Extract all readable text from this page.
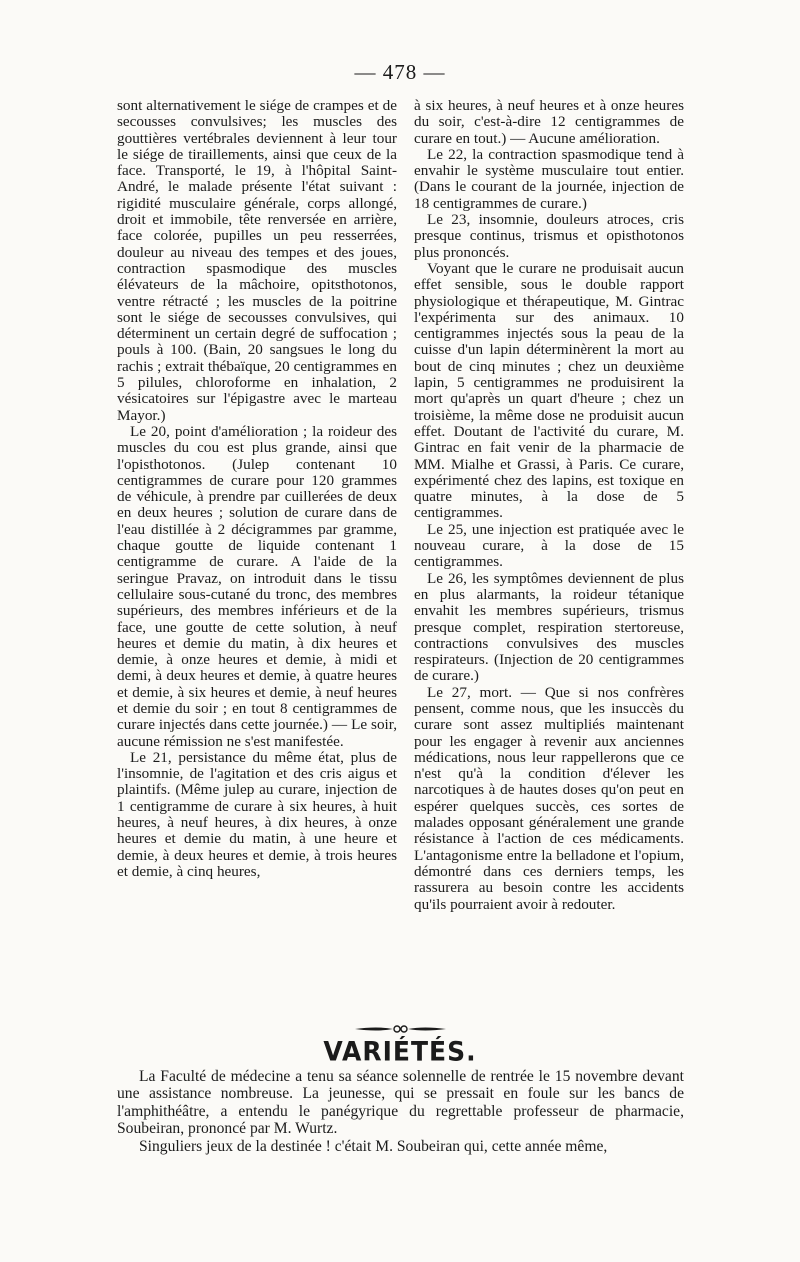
— 478 —

sont alternativement le siége de crampes et de secousses convulsives; les muscles des gouttières vertébrales deviennent à leur tour le siége de tiraillements, ainsi que ceux de la face. Transporté, le 19, à l'hôpital Saint-André, le malade présente l'état suivant : rigidité musculaire générale, corps allongé, droit et immobile, tête renversée en arrière, face colorée, pupilles un peu resserrées, douleur au niveau des tempes et des joues, contraction spasmodique des muscles élévateurs de la mâchoire, opitsthotonos, ventre rétracté ; les muscles de la poitrine sont le siége de secousses convulsives, qui déterminent un certain degré de suffocation ; pouls à 100. (Bain, 20 sangsues le long du rachis ; extrait thébaïque, 20 centigrammes en 5 pilules, chloroforme en inhalation, 2 vésicatoires sur l'épigastre avec le marteau Mayor.)

Le 20, point d'amélioration ; la roideur des muscles du cou est plus grande, ainsi que l'opisthotonos. (Julep contenant 10 centigrammes de curare pour 120 grammes de véhicule, à prendre par cuillerées de deux en deux heures ; solution de curare dans de l'eau distillée à 2 décigrammes par gramme, chaque goutte de liquide contenant 1 centigramme de curare. A l'aide de la seringue Pravaz, on introduit dans le tissu cellulaire sous-cutané du tronc, des membres supérieurs, des membres inférieurs et de la face, une goutte de cette solution, à neuf heures et demie du matin, à dix heures et demie, à onze heures et demie, à midi et demi, à deux heures et demie, à quatre heures et demie, à six heures et demie, à neuf heures et demie du soir ; en tout 8 centigrammes de curare injectés dans cette journée.) — Le soir, aucune rémission ne s'est manifestée.

Le 21, persistance du même état, plus de l'insomnie, de l'agitation et des cris aigus et plaintifs. (Même julep au curare, injection de 1 centigramme de curare à six heures, à huit heures, à neuf heures, à dix heures, à onze heures et demie du matin, à une heure et demie, à deux heures et demie, à trois heures et demie, à cinq heures,

à six heures, à neuf heures et à onze heures du soir, c'est-à-dire 12 centigrammes de curare en tout.) — Aucune amélioration.

Le 22, la contraction spasmodique tend à envahir le système musculaire tout entier. (Dans le courant de la journée, injection de 18 centigrammes de curare.)

Le 23, insomnie, douleurs atroces, cris presque continus, trismus et opisthotonos plus prononcés.

Voyant que le curare ne produisait aucun effet sensible, sous le double rapport physiologique et thérapeutique, M. Gintrac l'expérimenta sur des animaux. 10 centigrammes injectés sous la peau de la cuisse d'un lapin déterminèrent la mort au bout de cinq minutes ; chez un deuxième lapin, 5 centigrammes ne produisirent la mort qu'après un quart d'heure ; chez un troisième, la même dose ne produisit aucun effet. Doutant de l'activité du curare, M. Gintrac en fait venir de la pharmacie de MM. Mialhe et Grassi, à Paris. Ce curare, expérimenté chez des lapins, est toxique en quatre minutes, à la dose de 5 centigrammes.

Le 25, une injection est pratiquée avec le nouveau curare, à la dose de 15 centigrammes.

Le 26, les symptômes deviennent de plus en plus alarmants, la roideur tétanique envahit les membres supérieurs, trismus presque complet, respiration stertoreuse, contractions convulsives des muscles respirateurs. (Injection de 20 centigrammes de curare.)

Le 27, mort. — Que si nos confrères pensent, comme nous, que les insuccès du curare sont assez multipliés maintenant pour les engager à revenir aux anciennes médications, nous leur rappellerons que ce n'est qu'à la condition d'élever les narcotiques à de hautes doses qu'on peut en espérer quelques succès, ces sortes de malades opposant généralement une grande résistance à l'action de ces médicaments. L'antagonisme entre la belladone et l'opium, démontré dans ces derniers temps, les rassurera au besoin contre les accidents qu'ils pourraient avoir à redouter.

VARIÉTÉS.

La Faculté de médecine a tenu sa séance solennelle de rentrée le 15 novembre devant une assistance nombreuse. La jeunesse, qui se pressait en foule sur les bancs de l'amphithéâtre, a entendu le panégyrique du regrettable professeur de pharmacie, Soubeiran, prononcé par M. Wurtz.

Singuliers jeux de la destinée ! c'était M. Soubeiran qui, cette année même,
